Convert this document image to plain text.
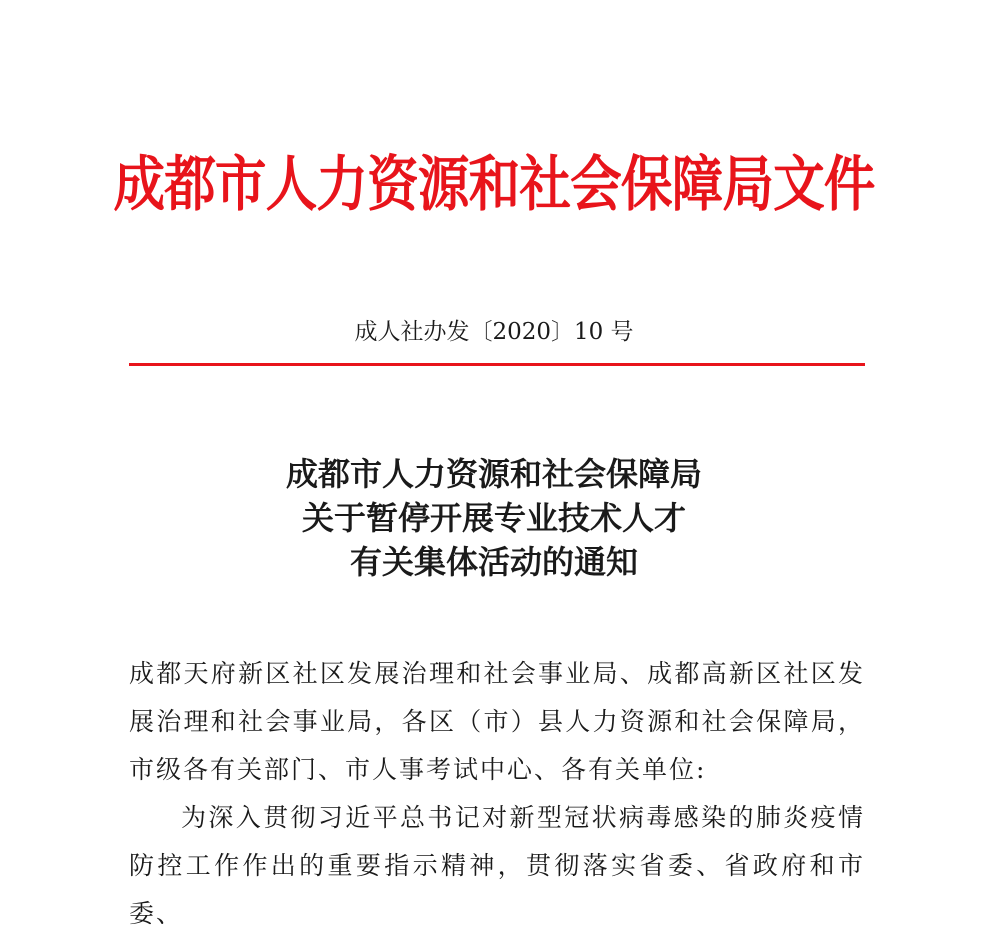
成都市人力资源和社会保障局文件
成人社办发〔2020〕10 号
成都市人力资源和社会保障局
关于暂停开展专业技术人才
有关集体活动的通知

成都天府新区社区发展治理和社会事业局、成都高新区社区发展治理和社会事业局，各区（市）县人力资源和社会保障局，市级各有关部门、市人事考试中心、各有关单位:

为深入贯彻习近平总书记对新型冠状病毒感染的肺炎疫情防控工作作出的重要指示精神，贯彻落实省委、省政府和市委、
